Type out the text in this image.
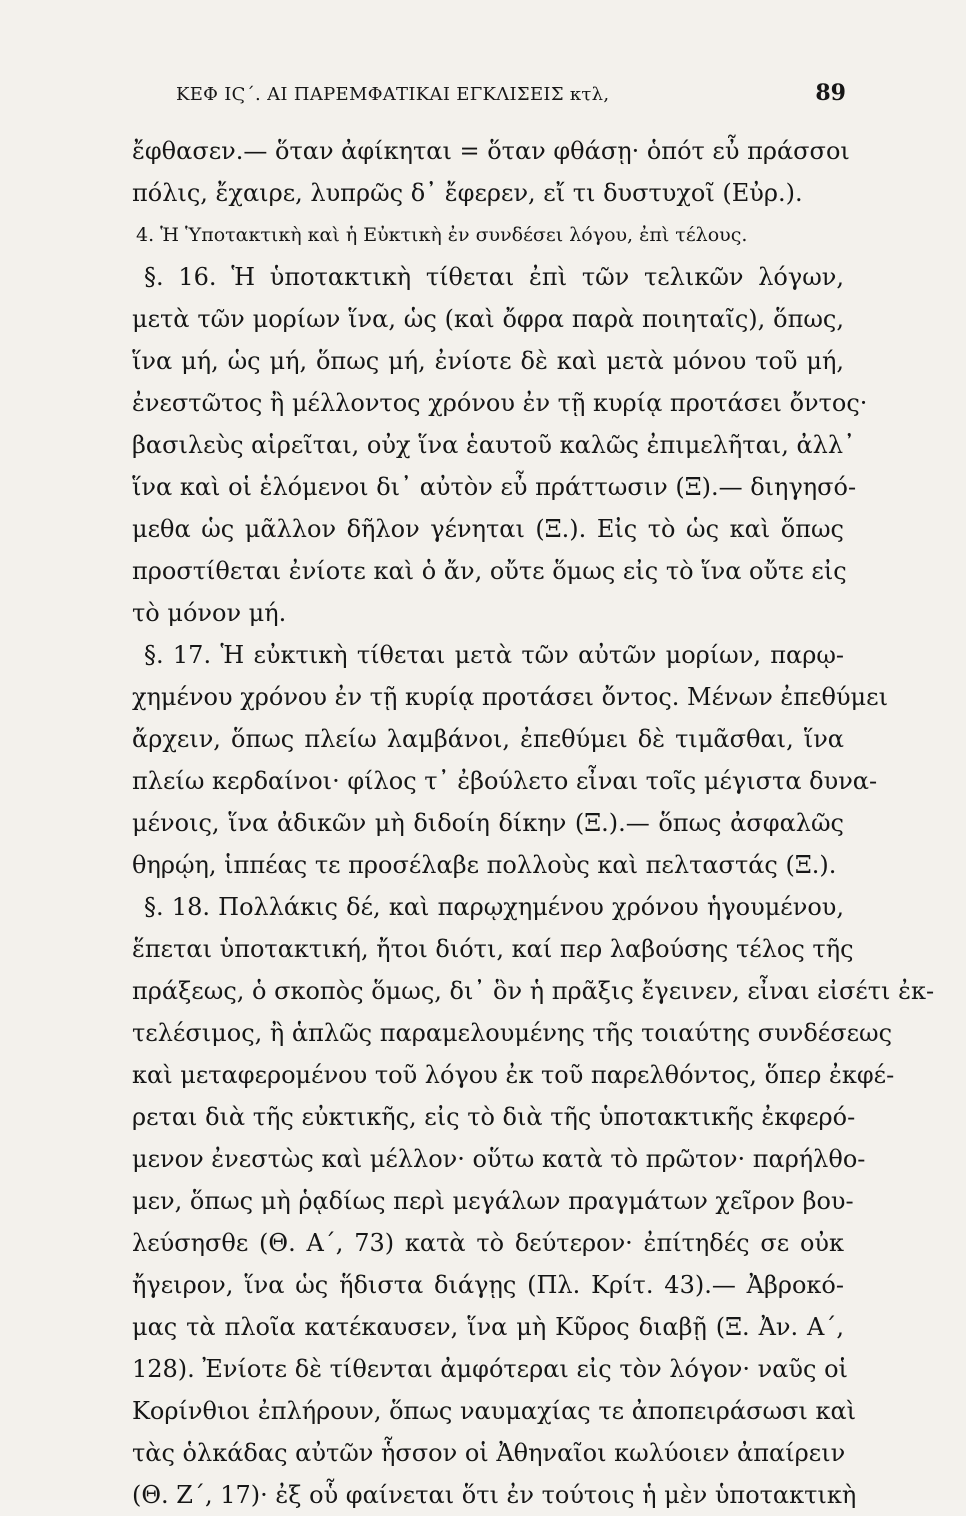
ΚΕΦ ΙϚ΄. ΑΙ ΠΑΡΕΜΦΑΤΙΚΑΙ ΕΓΚΛΙΣΕΙΣ κτλ,	89
ἔφθασεν.— ὅταν ἀφίκηται = ὅταν φθάσῃ· ὁπότ εὖ πράσσοι
πόλις, ἔχαιρε, λυπρῶς δ᾽ ἔφερεν, εἴ τι δυστυχοῖ (Εὐρ.).
4. Ἡ Ὑποτακτικὴ καὶ ἡ Εὐκτικὴ ἐν συνδέσει λόγου, ἐπὶ τέλους.
§. 16. Ἡ ὑποτακτικὴ τίθεται ἐπὶ τῶν τελικῶν λόγων,
μετὰ τῶν μορίων ἵνα, ὡς (καὶ ὄφρα παρὰ ποιηταῖς), ὅπως,
ἵνα μή, ὡς μή, ὅπως μή, ἐνίοτε δὲ καὶ μετὰ μόνου τοῦ μή,
ἐνεστῶτος ἢ μέλλοντος χρόνου ἐν τῇ κυρίᾳ προτάσει ὄντος·
βασιλεὺς αἱρεῖται, οὐχ ἵνα ἑαυτοῦ καλῶς ἐπιμελῆται, ἀλλ᾽
ἵνα καὶ οἱ ἑλόμενοι δι᾽ αὐτὸν εὖ πράττωσιν (Ξ).— διηγησό-
μεθα ὡς μᾶλλον δῆλον γένηται (Ξ.). Εἰς τὸ ὡς καὶ ὅπως
προστίθεται ἐνίοτε καὶ ὁ ἄν, οὔτε ὅμως εἰς τὸ ἵνα οὔτε εἰς
τὸ μόνον μή.
§. 17. Ἡ εὐκτικὴ τίθεται μετὰ τῶν αὐτῶν μορίων, παρῳ-
χημένου χρόνου ἐν τῇ κυρίᾳ προτάσει ὄντος. Μένων ἐπεθύμει
ἄρχειν, ὅπως πλείω λαμβάνοι, ἐπεθύμει δὲ τιμᾶσθαι, ἵνα
πλείω κερδαίνοι· φίλος τ᾽ ἐβούλετο εἶναι τοῖς μέγιστα δυνα-
μένοις, ἵνα ἀδικῶν μὴ διδοίη δίκην (Ξ.).— ὅπως ἀσφαλῶς
θηρῴη, ἱππέας τε προσέλαβε πολλοὺς καὶ πελταστάς (Ξ.).
§. 18. Πολλάκις δέ, καὶ παρῳχημένου χρόνου ἡγουμένου,
ἕπεται ὑποτακτική, ἤτοι διότι, καί περ λαβούσης τέλος τῆς
πράξεως, ὁ σκοπὸς ὅμως, δι᾽ ὃν ἡ πρᾶξις ἔγεινεν, εἶναι εἰσέτι ἐκ-
τελέσιμος, ἢ ἁπλῶς παραμελουμένης τῆς τοιαύτης συνδέσεως
καὶ μεταφερομένου τοῦ λόγου ἐκ τοῦ παρελθόντος, ὅπερ ἐκφέ-
ρεται διὰ τῆς εὐκτικῆς, εἰς τὸ διὰ τῆς ὑποτακτικῆς ἐκφερό-
μενον ἐνεστὼς καὶ μέλλον· οὕτω κατὰ τὸ πρῶτον· παρήλθο-
μεν, ὅπως μὴ ῥᾳδίως περὶ μεγάλων πραγμάτων χεῖρον βου-
λεύσησθε (Θ. Α΄, 73) κατὰ τὸ δεύτερον· ἐπίτηδές σε οὐκ
ἤγειρον, ἵνα ὡς ἥδιστα διάγῃς (Πλ. Κρίτ. 43).— Ἀβροκό-
μας τὰ πλοῖα κατέκαυσεν, ἵνα μὴ Κῦρος διαβῇ (Ξ. Ἀν. Α΄,
128). Ἐνίοτε δὲ τίθενται ἀμφότεραι εἰς τὸν λόγον· ναῦς οἱ
Κορίνθιοι ἐπλήρουν, ὅπως ναυμαχίας τε ἀποπειράσωσι καὶ
τὰς ὁλκάδας αὐτῶν ἧσσον οἱ Ἀθηναῖοι κωλύοιεν ἀπαίρειν
(Θ. Ζ΄, 17)· ἐξ οὗ φαίνεται ὅτι ἐν τούτοις ἡ μὲν ὑποτακτικὴ
